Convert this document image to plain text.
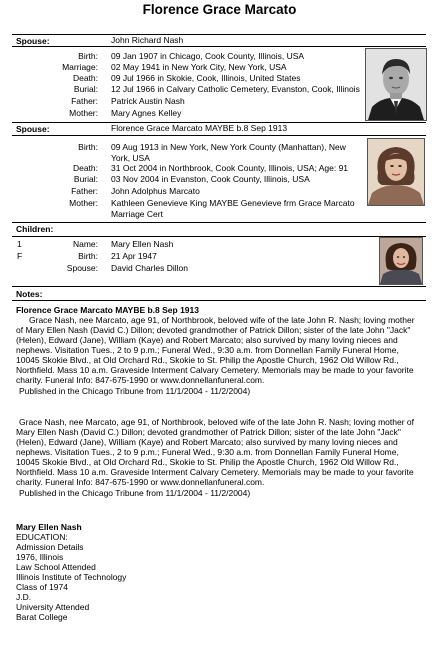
Florence Grace Marcato
Spouse:	John Richard Nash
Birth: 09 Jan 1907 in Chicago, Cook County, Illinois, USA
Marriage: 02 May 1941 in New York City, New York, USA
Death: 09 Jul 1966 in Skokie, Cook, Illinois, United States
Burial: 12 Jul 1966 in Calvary Catholic Cemetery, Evanston, Cook, Illinois
Father: Patrick Austin Nash
Mother: Mary Agnes Kelley
Spouse:	Florence Grace Marcato MAYBE b.8 Sep 1913
Birth: 09 Aug 1913 in New York, New York County (Manhattan), New York, USA
Death: 31 Oct 2004 in Northbrook, Cook County, Illinois, USA; Age: 91
Burial: 03 Nov 2004 in Evanston, Cook County, Illinois, USA
Father: John Adolphus Marcato
Mother: Kathleen Genevieve King MAYBE Genevieve frm Grace Marcato Marriage Cert
Children:
1
F
Name: Mary Ellen Nash
Birth: 21 Apr 1947
Spouse: David Charles Dillon
Notes:
Florence Grace Marcato MAYBE b.8 Sep 1913
Grace Nash, nee Marcato, age 91, of Northbrook, beloved wife of the late John R. Nash; loving mother
of Mary Ellen Nash (David C.) Dillon; devoted grandmother of Patrick Dillon; sister of the late John "Jack"
(Helen), Edward (Jane), William (Kaye) and Robert Marcato; also survived by many loving nieces and
nephews. Visitation Tues., 2 to 9 p.m.; Funeral Wed., 9:30 a.m. from Donnellan Family Funeral Home,
10045 Skokie Blvd., at Old Orchard Rd., Skokie to St. Philip the Apostle Church, 1962 Old Willow Rd.,
Northfield. Mass 10 a.m. Graveside Interment Calvary Cemetery. Memorials may be made to your favorite
charity. Funeral Info: 847-675-1990 or www.donnellanfuneral.com.
Published in the Chicago Tribune from 11/1/2004 - 11/2/2004)
Grace Nash, nee Marcato, age 91, of Northbrook, beloved wife of the late John R. Nash; loving mother of
Mary Ellen Nash (David C.) Dillon; devoted grandmother of Patrick Dillon; sister of the late John "Jack"
(Helen), Edward (Jane), William (Kaye) and Robert Marcato; also survived by many loving nieces and
nephews. Visitation Tues., 2 to 9 p.m.; Funeral Wed., 9:30 a.m. from Donnellan Family Funeral Home,
10045 Skokie Blvd., at Old Orchard Rd., Skokie to St. Philip the Apostle Church, 1962 Old Willow Rd.,
Northfield. Mass 10 a.m. Graveside Interment Calvary Cemetery. Memorials may be made to your favorite
charity. Funeral Info: 847-675-1990 or www.donnellanfuneral.com.
Published in the Chicago Tribune from 11/1/2004 - 11/2/2004)
Mary Ellen Nash
EDUCATION:
Admission Details
1976, Illinois
Law School Attended
Illinois Institute of Technology
Class of 1974
J.D.
University Attended
Barat College
